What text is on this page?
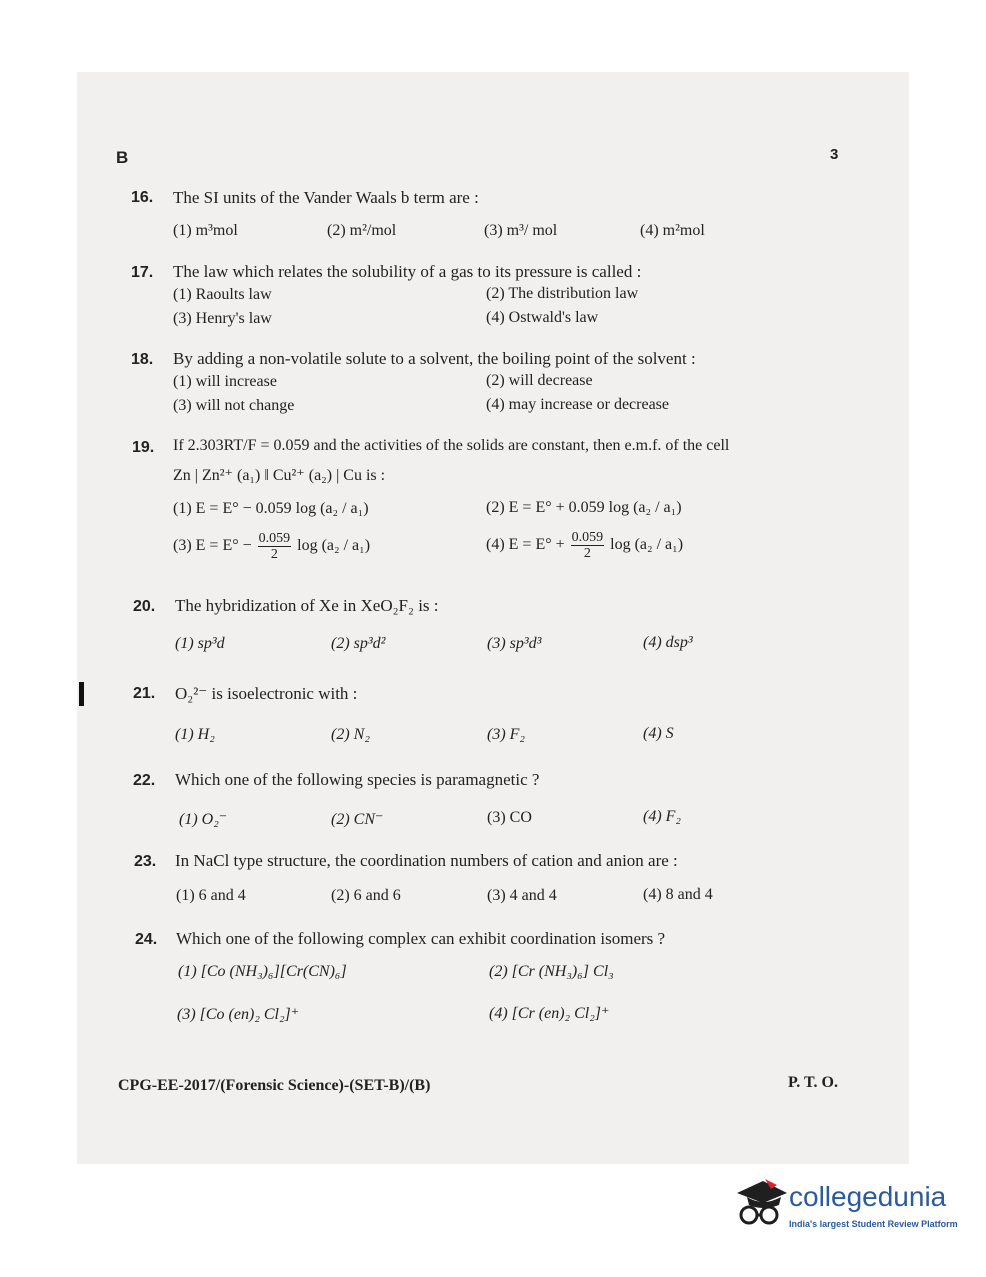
B	3
16. The SI units of the Vander Waals b term are :
(1) m³mol	(2) m²/mol	(3) m³/ mol	(4) m²mol
17. The law which relates the solubility of a gas to its pressure is called :
(1) Raoults law	(2) The distribution law
(3) Henry's law	(4) Ostwald's law
18. By adding a non-volatile solute to a solvent, the boiling point of the solvent :
(1) will increase	(2) will decrease
(3) will not change	(4) may increase or decrease
19. If 2.303RT/F = 0.059 and the activities of the solids are constant, then e.m.f. of the cell
Zn | Zn²⁺ (a₁) ‖ Cu²⁺ (a₂) | Cu is :
(1) E = E° − 0.059 log (a₂ / a₁)	(2) E = E° + 0.059 log (a₂ / a₁)
(3) $E = E^\circ - \frac{0.059}{2}$ log (a₂ / a₁)	(4) $E = E^\circ + \frac{0.059}{2}$ log (a₂ / a₁)
20. The hybridization of Xe in XeO₂F₂ is :
(1) sp³d	(2) sp³d²	(3) sp³d³	(4) dsp³
21. O₂²⁻ is isoelectronic with :
(1) H₂	(2) N₂	(3) F₂	(4) S
22. Which one of the following species is paramagnetic ?
(1) O₂⁻	(2) CN⁻	(3) CO	(4) F₂
23. In NaCl type structure, the coordination numbers of cation and anion are :
(1) 6 and 4	(2) 6 and 6	(3) 4 and 4	(4) 8 and 4
24. Which one of the following complex can exhibit coordination isomers ?
(1) [Co (NH₃)₆][Cr(CN)₆]	(2) [Cr (NH₃)₆] Cl₃
(3) [Co (en)₂ Cl₂]⁺	(4) [Cr (en)₂ Cl₂]⁺
CPG-EE-2017/(Forensic Science)-(SET-B)/(B)	P. T. O.
collegedunia
India's largest Student Review Platform
